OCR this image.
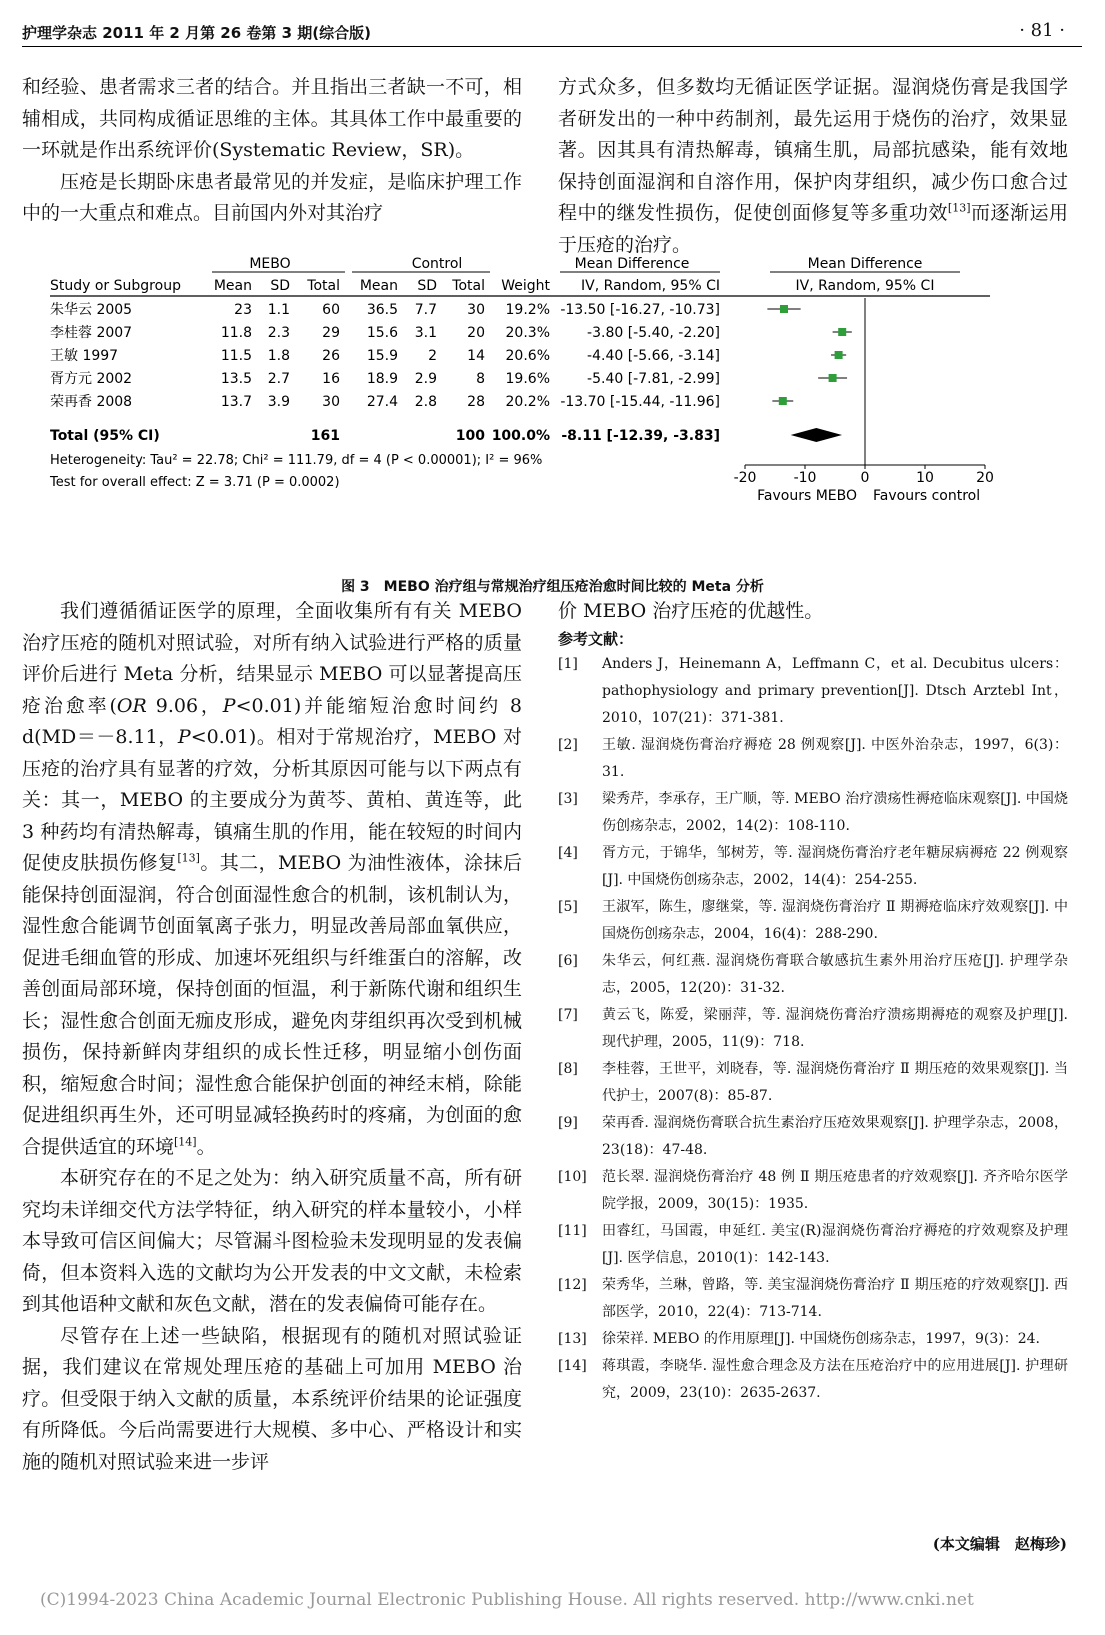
护理学杂志 2011 年 2 月第 26 卷第 3 期(综合版)	· 81 ·

和经验、患者需求三者的结合。并且指出三者缺一不可，相辅相成，共同构成循证思维的主体。其具体工作中最重要的一环就是作出系统评价(Systematic Review，SR)。

压疮是长期卧床患者最常见的并发症，是临床护理工作中的一大重点和难点。目前国内外对其治疗

方式众多，但多数均无循证医学证据。湿润烧伤膏是我国学者研发出的一种中药制剂，最先运用于烧伤的治疗，效果显著。因其具有清热解毒，镇痛生肌，局部抗感染，能有效地保持创面湿润和自溶作用，保护肉芽组织，减少伤口愈合过程中的继发性损伤，促使创面修复等多重功效[13]而逐渐运用于压疮的治疗。

MEBO	Control	Mean Difference	Mean Difference
Study or Subgroup Mean SD Total Mean SD Total Weight IV, Random, 95% CI	IV, Random, 95% CI
朱华云 2005	23 1.1 60 36.5 7.7 30 19.2% -13.50 [-16.27, -10.73]
李桂蓉 2007	11.8 2.3 29 15.6 3.1 20 20.3%	-3.80 [-5.40, -2.20]
王敏 1997	11.5 1.8 26 15.9 2 14 20.6%	-4.40 [-5.66, -3.14]
胥方元 2002	13.5 2.7 16 18.9 2.9	8 19.6%	-5.40 [-7.81, -2.99]
荣再香 2008	13.7 3.9 30 27.4 2.8 28 20.2% -13.70 [-15.44, -11.96]
Total (95% CI)	161	100 100.0% -8.11 [-12.39, -3.83]
Heterogeneity: Tau² = 22.78; Chi² = 111.79, df = 4 (P < 0.00001); I² = 96%
Test for overall effect: Z = 3.71 (P = 0.0002)	-20	-10	0	10	20
Favours MEBO Favours control
图 3　MEBO 治疗组与常规治疗组压疮治愈时间比较的 Meta 分析

我们遵循循证医学的原理，全面收集所有有关 MEBO 治疗压疮的随机对照试验，对所有纳入试验进行严格的质量评价后进行 Meta 分析，结果显示 MEBO 可以显著提高压疮治愈率(OR 9.06，P<0.01)并能缩短治愈时间约 8 d(MD＝－8.11，P<0.01)。相对于常规治疗，MEBO 对压疮的治疗具有显著的疗效，分析其原因可能与以下两点有关：其一，MEBO 的主要成分为黄芩、黄柏、黄连等，此 3 种药均有清热解毒，镇痛生肌的作用，能在较短的时间内促使皮肤损伤修复[13]。其二，MEBO 为油性液体，涂抹后能保持创面湿润，符合创面湿性愈合的机制，该机制认为，湿性愈合能调节创面氧离子张力，明显改善局部血氧供应，促进毛细血管的形成、加速坏死组织与纤维蛋白的溶解，改善创面局部环境，保持创面的恒温，利于新陈代谢和组织生长；湿性愈合创面无痂皮形成，避免肉芽组织再次受到机械损伤，保持新鲜肉芽组织的成长性迁移，明显缩小创伤面积，缩短愈合时间；湿性愈合能保护创面的神经末梢，除能促进组织再生外，还可明显减轻换药时的疼痛，为创面的愈合提供适宜的环境[14]。

本研究存在的不足之处为：纳入研究质量不高，所有研究均未详细交代方法学特征，纳入研究的样本量较小，小样本导致可信区间偏大；尽管漏斗图检验未发现明显的发表偏倚，但本资料入选的文献均为公开发表的中文文献，未检索到其他语种文献和灰色文献，潜在的发表偏倚可能存在。

尽管存在上述一些缺陷，根据现有的随机对照试验证据，我们建议在常规处理压疮的基础上可加用 MEBO 治疗。但受限于纳入文献的质量，本系统评价结果的论证强度有所降低。今后尚需要进行大规模、多中心、严格设计和实施的随机对照试验来进一步评

价 MEBO 治疗压疮的优越性。

参考文献：

[1]	Anders J，Heinemann A，Leffmann C，et al. Decubitus ulcers：pathophysiology and primary prevention[J]. Dtsch Arztebl Int，2010，107(21)：371-381.

[2]	王敏. 湿润烧伤膏治疗褥疮 28 例观察[J]. 中医外治杂志，1997，6(3)：31.

[3]	梁秀芹，李承存，王广顺，等. MEBO 治疗溃疡性褥疮临床观察[J]. 中国烧伤创疡杂志，2002，14(2)：108-110.

[4]	胥方元，于锦华，邹树芳，等. 湿润烧伤膏治疗老年糖尿病褥疮 22 例观察[J]. 中国烧伤创疡杂志，2002，14(4)：254-255.

[5]	王淑军，陈生，廖继棠，等. 湿润烧伤膏治疗 Ⅱ 期褥疮临床疗效观察[J]. 中国烧伤创疡杂志，2004，16(4)：288-290.

[6]	朱华云，何红燕. 湿润烧伤膏联合敏感抗生素外用治疗压疮[J]. 护理学杂志，2005，12(20)：31-32.

[7]	黄云飞，陈爱，梁丽萍，等. 湿润烧伤膏治疗溃疡期褥疮的观察及护理[J]. 现代护理，2005，11(9)：718.

[8]	李桂蓉，王世平，刘晓春，等. 湿润烧伤膏治疗 Ⅱ 期压疮的效果观察[J]. 当代护士，2007(8)：85-87.

[9]	荣再香. 湿润烧伤膏联合抗生素治疗压疮效果观察[J]. 护理学杂志，2008，23(18)：47-48.

[10]	范长翠. 湿润烧伤膏治疗 48 例 Ⅱ 期压疮患者的疗效观察[J]. 齐齐哈尔医学院学报，2009，30(15)：1935.

[11]	田睿红，马国霞，申延红. 美宝(R)湿润烧伤膏治疗褥疮的疗效观察及护理[J]. 医学信息，2010(1)：142-143.

[12]	荣秀华，兰琳，曾路，等. 美宝湿润烧伤膏治疗 Ⅱ 期压疮的疗效观察[J]. 西部医学，2010，22(4)：713-714.

[13]	徐荣祥. MEBO 的作用原理[J]. 中国烧伤创疡杂志，1997，9(3)：24.

[14]	蒋琪霞，李晓华. 湿性愈合理念及方法在压疮治疗中的应用进展[J]. 护理研究，2009，23(10)：2635-2637.

(本文编辑　赵梅珍)
(C)1994-2023 China Academic Journal Electronic Publishing House. All rights reserved. http://www.cnki.net
